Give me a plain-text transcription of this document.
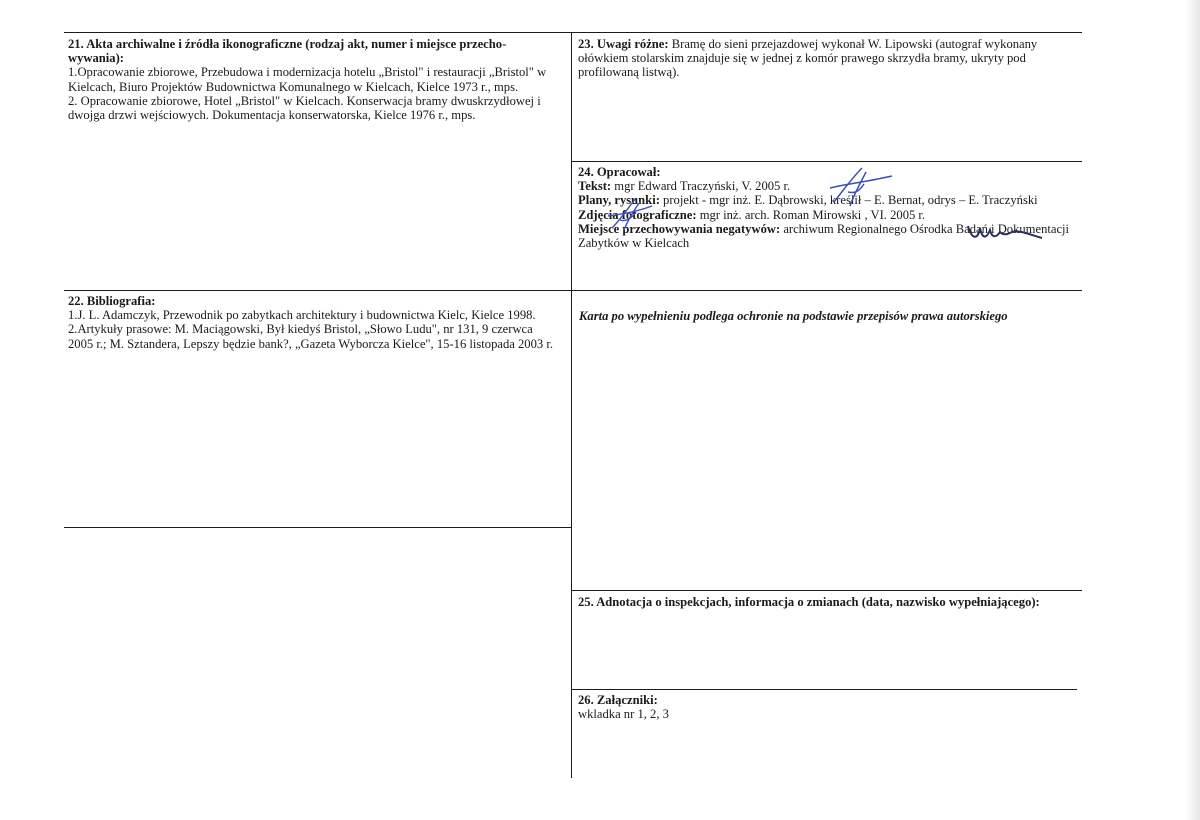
21. Akta archiwalne i źródła ikonograficzne (rodzaj akt, numer i miejsce przecho- wywania):

1.Opracowanie zbiorowe, Przebudowa i modernizacja hotelu „Bristol" i restauracji „Bristol" w Kielcach, Biuro Projektów Budownictwa Komunalnego w Kielcach, Kielce 1973 r., mps.

2. Opracowanie zbiorowe, Hotel „Bristol" w Kielcach. Konserwacja bramy dwuskrzydłowej i dwojga drzwi wejściowych. Dokumentacja konserwatorska, Kielce 1976 r., mps.

22. Bibliografia:

1.J. L. Adamczyk, Przewodnik po zabytkach architektury i budownictwa Kielc, Kielce 1998.

2.Artykuły prasowe: M. Maciągowski, Był kiedyś Bristol, „Słowo Ludu", nr 131, 9 czerwca 2005 r.; M. Sztandera, Lepszy będzie bank?, „Gazeta Wyborcza Kielce", 15-16 listopada 2003 r.

23. Uwagi różne: Bramę do sieni przejazdowej wykonał W. Lipowski (autograf wykonany ołówkiem stolarskim znajduje się w jednej z komór prawego skrzydła bramy, ukryty pod profilowaną listwą).

24. Opracował:

Tekst: mgr Edward Traczyński, V. 2005 r.

Plany, rysunki: projekt - mgr inż. E. Dąbrowski, kreślił – E. Bernat, odrys – E. Traczyński

Zdjęcia fotograficzne: mgr inż. arch. Roman Mirowski , VI. 2005 r.

Miejsce przechowywania negatywów: archiwum Regionalnego Ośrodka Badań i Dokumentacji Zabytków w Kielcach

Karta po wypełnieniu podlega ochronie na podstawie przepisów prawa autorskiego

25. Adnotacja o inspekcjach, informacja o zmianach (data, nazwisko wypełniającego):

26. Załączniki:

wkladka nr 1, 2, 3
